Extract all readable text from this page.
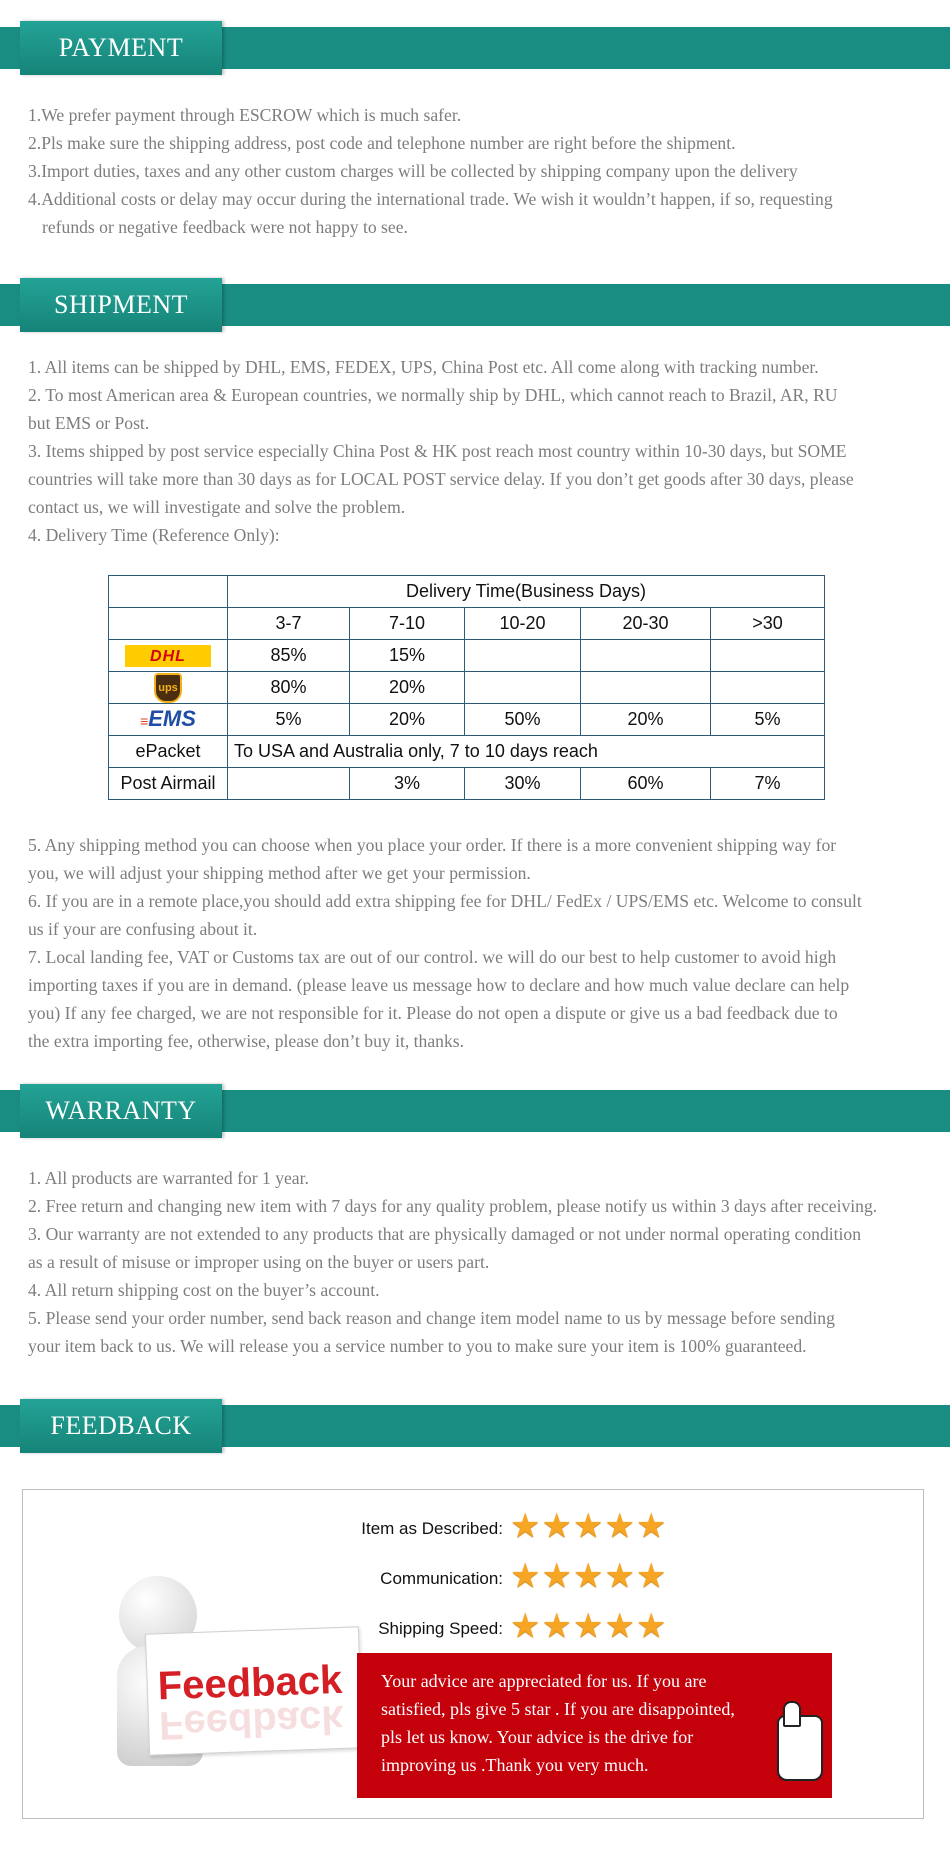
PAYMENT

1.We prefer payment through ESCROW which is much safer.

2.Pls make sure the shipping address, post code and telephone number are right before the shipment.

3.Import duties, taxes and any other custom charges will be collected by shipping company upon the delivery

4.Additional costs or delay may occur during the international trade. We wish it wouldn’t happen, if so, requesting

refunds or negative feedback were not happy to see.

SHIPMENT

1. All items can be shipped by DHL, EMS, FEDEX, UPS, China Post etc. All come along with tracking number.

2. To most American area & European countries, we normally ship by DHL, which cannot reach to Brazil, AR, RU

but EMS or Post.

3. Items shipped by post service especially China Post & HK post reach most country within 10-30 days, but SOME

countries will take more than 30 days as for LOCAL POST service delay. If you don’t get goods after 30 days, please

contact us, we will investigate and solve the problem.

4. Delivery Time (Reference Only):

	Delivery Time(Business Days)				
	3-7	7-10	10-20	20-30	>30
DHL	85%	15%			
ups	80%	20%			
≡EMS	5%	20%	50%	20%	5%
ePacket	To USA and Australia only, 7 to 10 days reach				
Post Airmail		3%	30%	60%	7%

5. Any shipping method you can choose when you place your order. If there is a more convenient shipping way for

you, we will adjust your shipping method after we get your permission.

6. If you are in a remote place,you should add extra shipping fee for DHL/ FedEx / UPS/EMS etc. Welcome to consult

us if your are confusing about it.

7. Local landing fee, VAT or Customs tax are out of our control. we will do our best to help customer to avoid high

importing taxes if you are in demand. (please leave us message how to declare and how much value declare can help

you) If any fee charged, we are not responsible for it. Please do not open a dispute or give us a bad feedback due to

the extra importing fee, otherwise, please don’t buy it, thanks.

WARRANTY

1. All products are warranted for 1 year.

2. Free return and changing new item with 7 days for any quality problem, please notify us within 3 days after receiving.

3. Our warranty are not extended to any products that are physically damaged or not under normal operating condition

as a result of misuse or improper using on the buyer or users part.

4. All return shipping cost on the buyer’s account.

5. Please send your order number, send back reason and change item model name to us by message before sending

your item back to us. We will release you a service number to you to make sure your item is 100% guaranteed.

FEEDBACK
Feedback
Feedback
Item as Described: ★★★★★
Communication: ★★★★★
Shipping Speed: ★★★★★
Your advice are appreciated for us. If you are
satisfied, pls give 5 star . If you are disappointed,
pls let us know. Your advice is the drive for
improving us .Thank you very much.
